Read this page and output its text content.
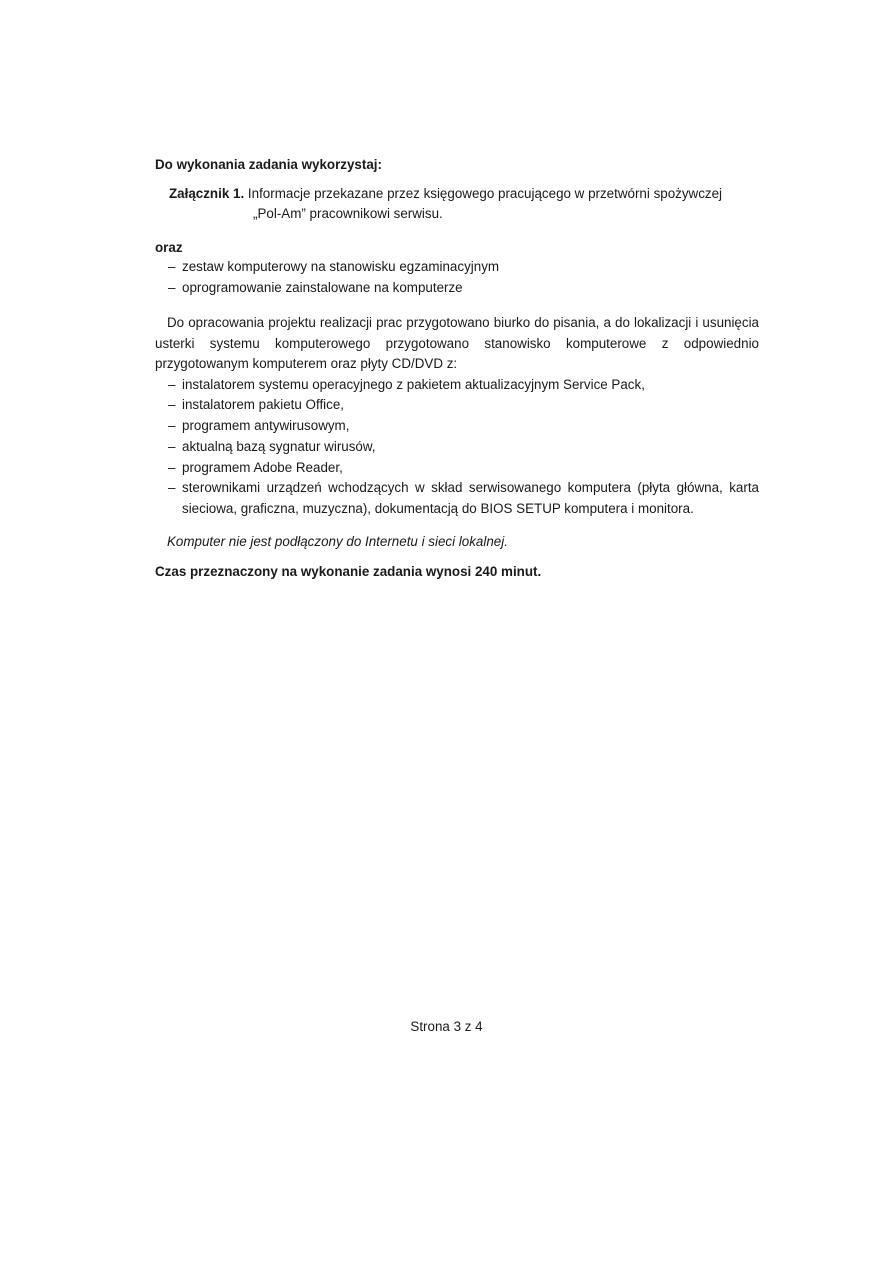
Do wykonania zadania wykorzystaj:

Załącznik 1. Informacje przekazane przez księgowego pracującego w przetwórni spożywczej
„Pol-Am” pracownikowi serwisu.
oraz
– zestaw komputerowy na stanowisku egzaminacyjnym
– oprogramowanie zainstalowane na komputerze
Do opracowania projektu realizacji prac przygotowano biurko do pisania, a do lokalizacji i usunięcia usterki systemu komputerowego przygotowano stanowisko komputerowe z odpowiednio przygotowanym komputerem oraz płyty CD/DVD z:
– instalatorem systemu operacyjnego z pakietem aktualizacyjnym Service Pack,
– instalatorem pakietu Office,
– programem antywirusowym,
– aktualną bazą sygnatur wirusów,
– programem Adobe Reader,
– sterownikami urządzeń wchodzących w skład serwisowanego komputera (płyta główna, karta sieciowa, graficzna, muzyczna), dokumentacją do BIOS SETUP komputera i monitora.
Komputer nie jest podłączony do Internetu i sieci lokalnej.
Czas przeznaczony na wykonanie zadania wynosi 240 minut.
Strona 3 z 4
